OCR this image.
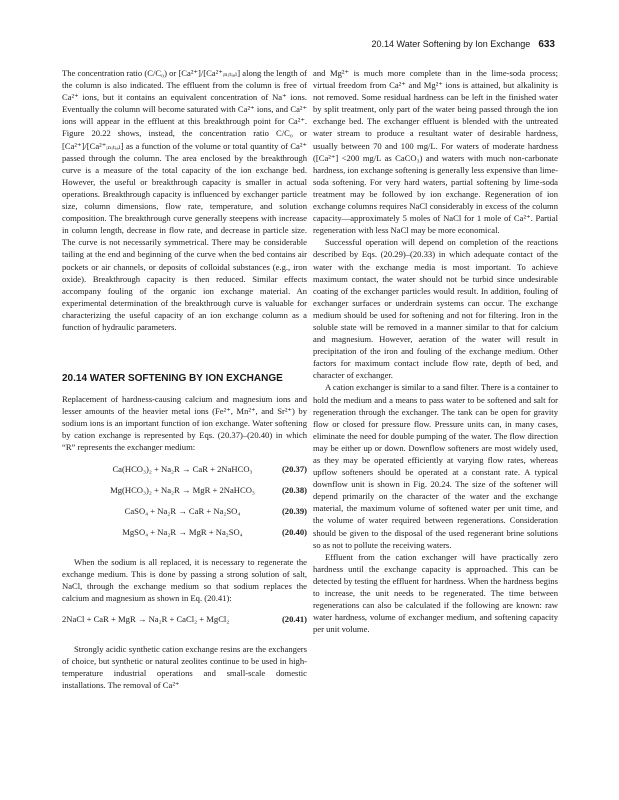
20.14 Water Softening by Ion Exchange 633

The concentration ratio (C/C₀) or [Ca²⁺]/[Ca²⁺ᵢₙᵢₜᵢₐₗ] along the length of the column is also indicated. The effluent from the column is free of Ca²⁺ ions, but it contains an equivalent concentration of Na⁺ ions. Eventually the column will become saturated with Ca²⁺ ions, and Ca²⁺ ions will appear in the effluent at this breakthrough point for Ca²⁺. Figure 20.22 shows, instead, the concentration ratio C/C₀ or [Ca²⁺]/[Ca²⁺ᵢₙᵢₜᵢₐₗ] as a function of the volume or total quantity of Ca²⁺ passed through the column. The area enclosed by the breakthrough curve is a measure of the total capacity of the ion exchange bed. However, the useful or breakthrough capacity is smaller in actual operations. Breakthrough capacity is influenced by exchanger particle size, column dimensions, flow rate, temperature, and solution composition. The breakthrough curve generally steepens with increase in column length, decrease in flow rate, and decrease in particle size. The curve is not necessarily symmetrical. There may be considerable tailing at the end and beginning of the curve when the bed contains air pockets or air channels, or deposits of colloidal substances (e.g., iron oxide). Breakthrough capacity is then reduced. Similar effects accompany fouling of the organic ion exchange material. An experimental determination of the breakthrough curve is valuable for characterizing the useful capacity of an ion exchange column as a function of hydraulic parameters.

20.14 WATER SOFTENING BY ION EXCHANGE

Replacement of hardness-causing calcium and magnesium ions and lesser amounts of the heavier metal ions (Fe²⁺, Mn²⁺, and Sr²⁺) by sodium ions is an important function of ion exchange. Water softening by cation exchange is represented by Eqs. (20.37)–(20.40) in which “R” represents the exchanger medium:

Ca(HCO₃)₂ + Na₂R → CaR + 2NaHCO₃	(20.37)
Mg(HCO₃)₂ + Na₂R → MgR + 2NaHCO₃	(20.38)
CaSO₄ + Na₂R → CaR + Na₂SO₄	(20.39)
MgSO₄ + Na₂R → MgR + Na₂SO₄	(20.40)

When the sodium is all replaced, it is necessary to regenerate the exchange medium. This is done by passing a strong solution of salt, NaCl, through the exchange medium so that sodium replaces the calcium and magnesium as shown in Eq. (20.41):

2NaCl + CaR + MgR → Na₂R + CaCl₂ + MgCl₂	(20.41)

Strongly acidic synthetic cation exchange resins are the exchangers of choice, but synthetic or natural zeolites continue to be used in high-temperature industrial operations and small-scale domestic installations. The removal of Ca²⁺

and Mg²⁺ is much more complete than in the lime-soda process; virtual freedom from Ca²⁺ and Mg²⁺ ions is attained, but alkalinity is not removed. Some residual hardness can be left in the finished water by split treatment, only part of the water being passed through the ion exchange bed. The exchanger effluent is blended with the untreated water stream to produce a resultant water of desirable hardness, usually between 70 and 100 mg/L. For waters of moderate hardness ([Ca²⁺] <200 mg/L as CaCO₃) and waters with much non-carbonate hardness, ion exchange softening is generally less expensive than lime-soda softening. For very hard waters, partial softening by lime-soda treatment may be followed by ion exchange. Regeneration of ion exchange columns requires NaCl considerably in excess of the column capacity—approximately 5 moles of NaCl for 1 mole of Ca²⁺. Partial regeneration with less NaCl may be more economical.

Successful operation will depend on completion of the reactions described by Eqs. (20.29)–(20.33) in which adequate contact of the water with the exchange media is most important. To achieve maximum contact, the water should not be turbid since undesirable coating of the exchanger particles would result. In addition, fouling of exchanger surfaces or underdrain systems can occur. The exchange medium should be used for softening and not for filtering. Iron in the soluble state will be removed in a manner similar to that for calcium and magnesium. However, aeration of the water will result in precipitation of the iron and fouling of the exchange medium. Other factors for maximum contact include flow rate, depth of bed, and character of exchanger.

A cation exchanger is similar to a sand filter. There is a container to hold the medium and a means to pass water to be softened and salt for regeneration through the exchanger. The tank can be open for gravity flow or closed for pressure flow. Pressure units can, in many cases, eliminate the need for double pumping of the water. The flow direction may be either up or down. Downflow softeners are most widely used, as they may be operated efficiently at varying flow rates, whereas upflow softeners should be operated at a constant rate. A typical downflow unit is shown in Fig. 20.24. The size of the softener will depend primarily on the character of the water and the exchange material, the maximum volume of softened water per unit time, and the volume of water required between regenerations. Consideration should be given to the disposal of the used regenerant brine solutions so as not to pollute the receiving waters.

Effluent from the cation exchanger will have practically zero hardness until the exchange capacity is approached. This can be detected by testing the effluent for hardness. When the hardness begins to increase, the unit needs to be regenerated. The time between regenerations can also be calculated if the following are known: raw water hardness, volume of exchanger medium, and softening capacity per unit volume.
